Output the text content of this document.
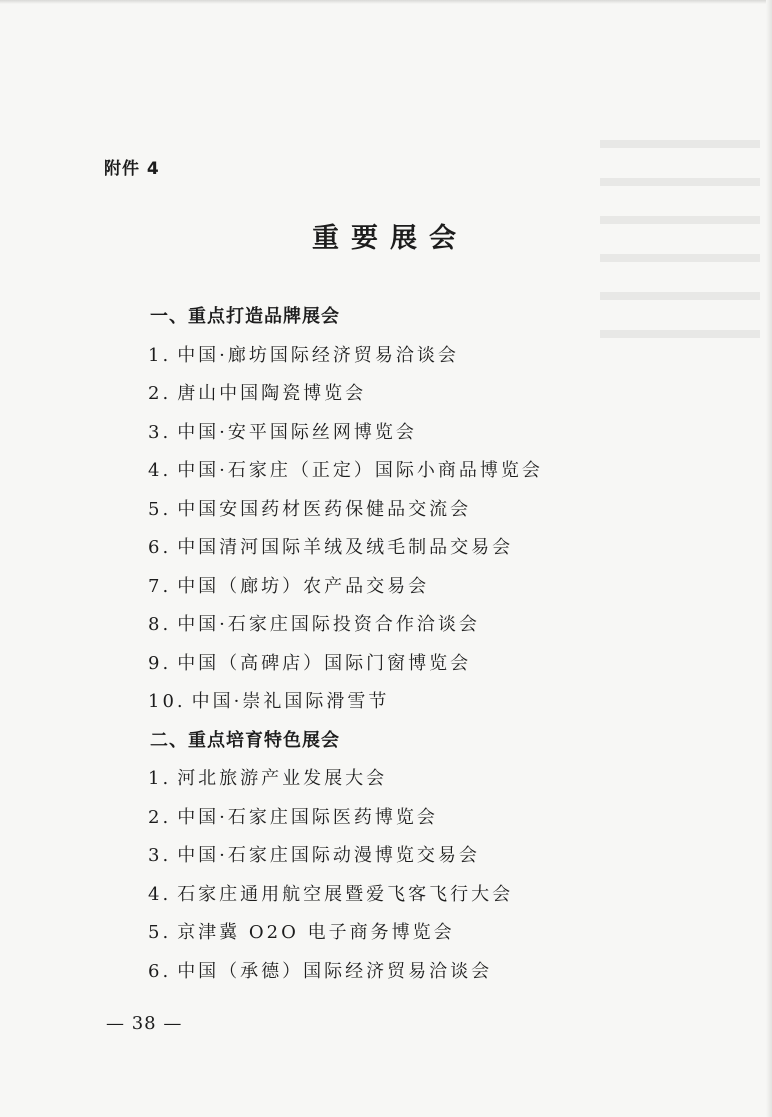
附件 4
重要展会
一、重点打造品牌展会
1. 中国·廊坊国际经济贸易洽谈会
2. 唐山中国陶瓷博览会
3. 中国·安平国际丝网博览会
4. 中国·石家庄（正定）国际小商品博览会
5. 中国安国药材医药保健品交流会
6. 中国清河国际羊绒及绒毛制品交易会
7. 中国（廊坊）农产品交易会
8. 中国·石家庄国际投资合作洽谈会
9. 中国（高碑店）国际门窗博览会
10. 中国·崇礼国际滑雪节
二、重点培育特色展会
1. 河北旅游产业发展大会
2. 中国·石家庄国际医药博览会
3. 中国·石家庄国际动漫博览交易会
4. 石家庄通用航空展暨爱飞客飞行大会
5. 京津冀 O2O 电子商务博览会
6. 中国（承德）国际经济贸易洽谈会
— 38 —
